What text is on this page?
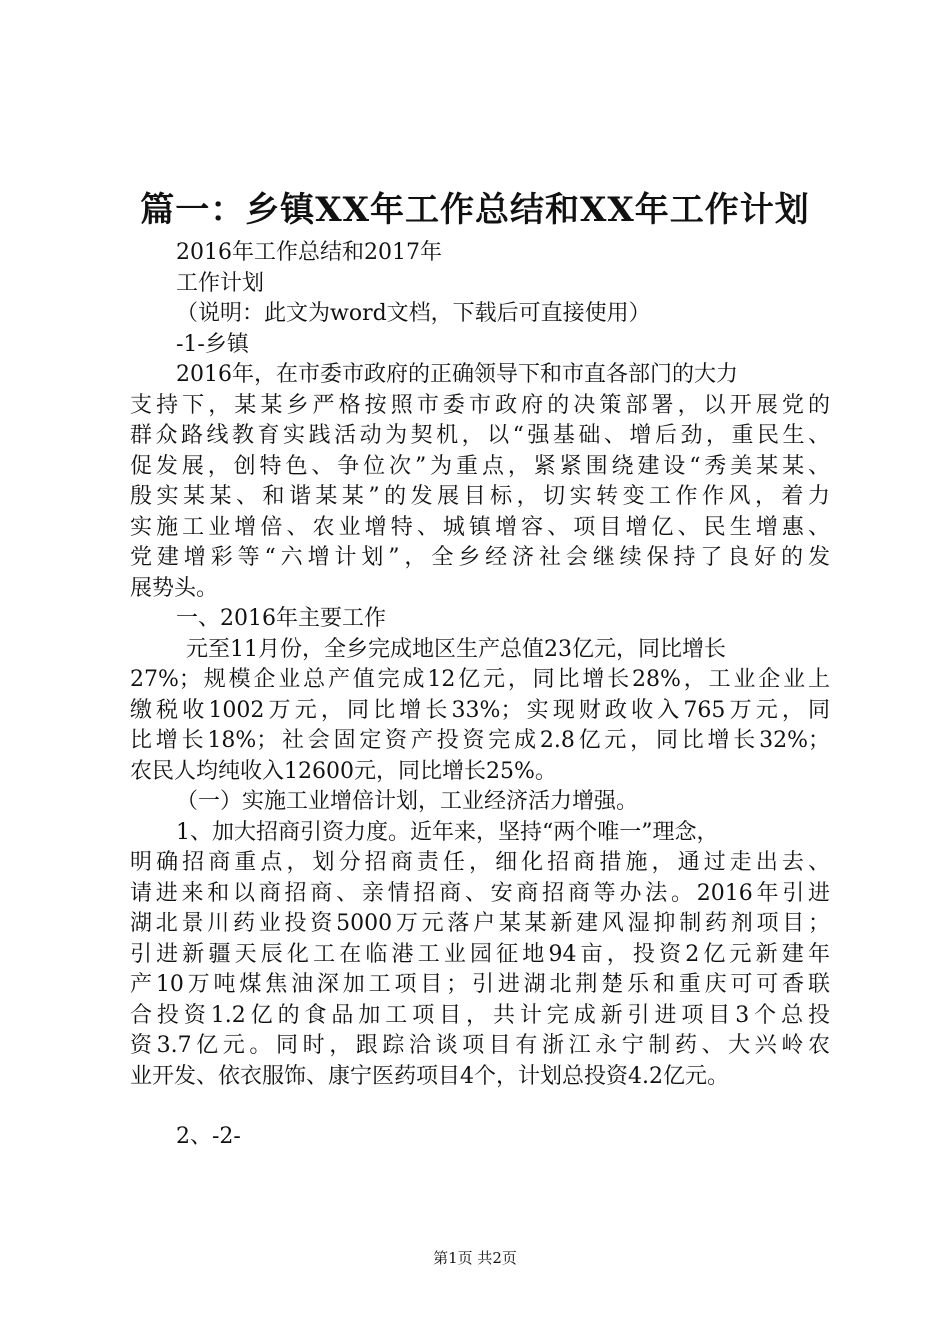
篇一：乡镇XX年工作总结和XX年工作计划
2016年工作总结和2017年
工作计划
（说明：此文为word文档，下载后可直接使用）
-1-乡镇
2016年，在市委市政府的正确领导下和市直各部门的大力
支持下，某某乡严格按照市委市政府的决策部署，以开展党的
群众路线教育实践活动为契机，以“强基础、增后劲，重民生、
促发展，创特色、争位次”为重点，紧紧围绕建设“秀美某某、
殷实某某、和谐某某”的发展目标，切实转变工作作风，着力
实施工业增倍、农业增特、城镇增容、项目增亿、民生增惠、
党建增彩等“六增计划”，全乡经济社会继续保持了良好的发
展势头。
一、2016年主要工作
元至11月份，全乡完成地区生产总值23亿元，同比增长
27%；规模企业总产值完成12亿元，同比增长28%，工业企业上
缴税收1002万元，同比增长33%；实现财政收入765万元，同
比增长18%；社会固定资产投资完成2.8亿元，同比增长32%；
农民人均纯收入12600元，同比增长25%。
（一）实施工业增倍计划，工业经济活力增强。
1、加大招商引资力度。近年来，坚持“两个唯一”理念，
明确招商重点，划分招商责任，细化招商措施，通过走出去、
请进来和以商招商、亲情招商、安商招商等办法。2016年引进
湖北景川药业投资5000万元落户某某新建风湿抑制药剂项目；
引进新疆天辰化工在临港工业园征地94亩，投资2亿元新建年
产10万吨煤焦油深加工项目；引进湖北荆楚乐和重庆可可香联
合投资1.2亿的食品加工项目，共计完成新引进项目3个总投
资3.7亿元。同时，跟踪洽谈项目有浙江永宁制药、大兴岭农
业开发、依衣服饰、康宁医药项目4个，计划总投资4.2亿元。
2、-2-
第1页 共2页
